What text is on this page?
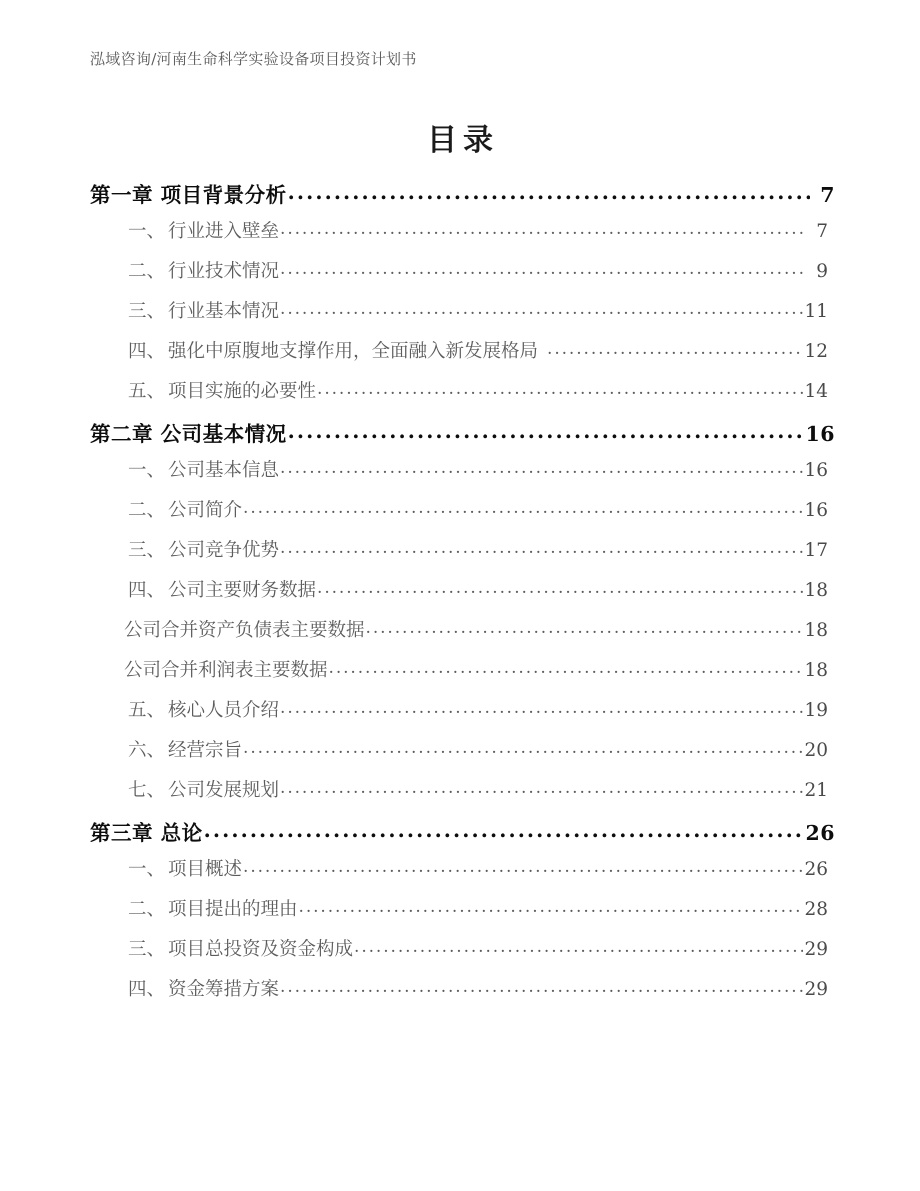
泓域咨询/河南生命科学实验设备项目投资计划书
目录
第一章 项目背景分析 .....	7
一、 行业进入壁垒 .....	7
二、 行业技术情况 .....	9
三、 行业基本情况 .....	11
四、 强化中原腹地支撑作用，全面融入新发展格局 .....	12
五、 项目实施的必要性 .....	14
第二章 公司基本情况 .....	16
一、 公司基本信息 .....	16
二、 公司简介 .....	16
三、 公司竞争优势 .....	17
四、 公司主要财务数据 .....	18
公司合并资产负债表主要数据 .....	18
公司合并利润表主要数据 .....	18
五、 核心人员介绍 .....	19
六、 经营宗旨 .....	20
七、 公司发展规划 .....	21
第三章 总论 .....	26
一、 项目概述 .....	26
二、 项目提出的理由 .....	28
三、 项目总投资及资金构成 .....	29
四、 资金筹措方案 .....	29
